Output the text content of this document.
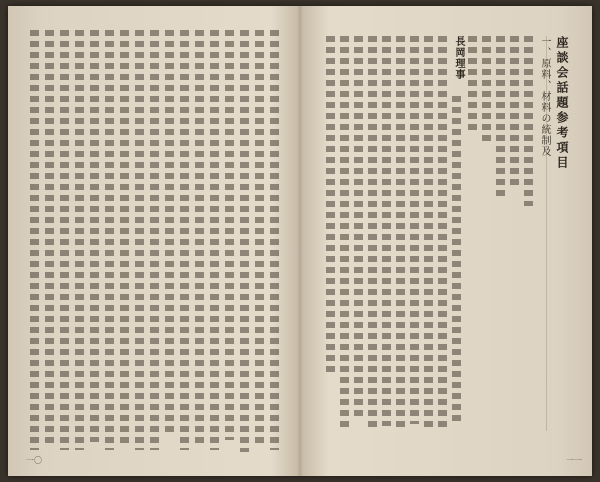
一〇
座談会話題参考項目
一、原料、材料の統制及
長岡理事
一一
